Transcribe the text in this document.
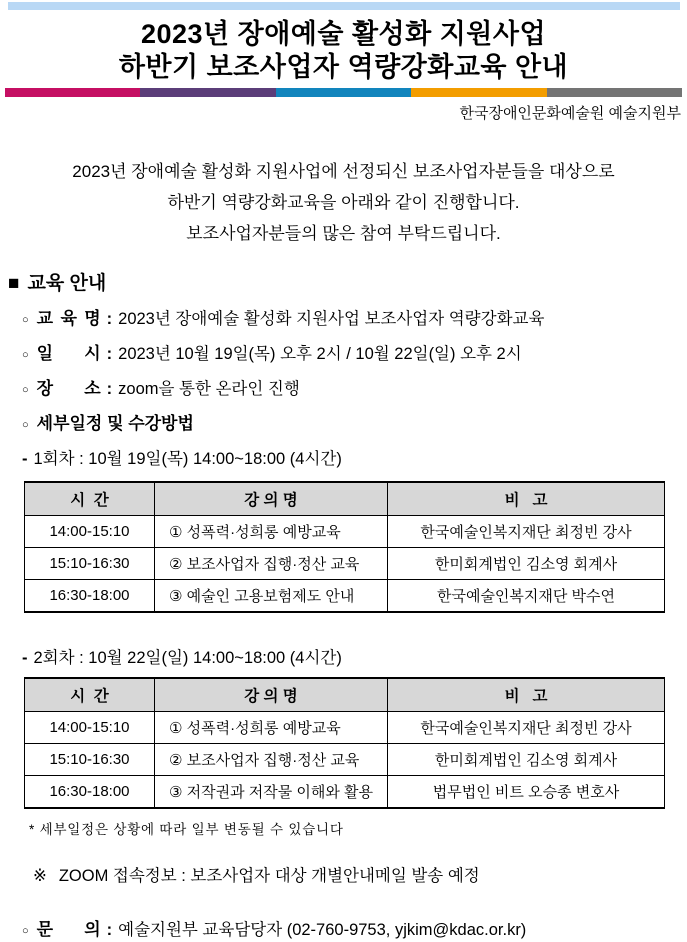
2023년 장애예술 활성화 지원사업
하반기 보조사업자 역량강화교육 안내
한국장애인문화예술원 예술지원부
2023년 장애예술 활성화 지원사업에 선정되신 보조사업자분들을 대상으로
하반기 역량강화교육을 아래와 같이 진행합니다.
보조사업자분들의 많은 참여 부탁드립니다.
■ 교육 안내
○ 교 육 명 : 2023년 장애예술 활성화 지원사업 보조사업자 역량강화교육
○ 일 시 : 2023년 10월 19일(목) 오후 2시 / 10월 22일(일) 오후 2시
○ 장 소 : zoom을 통한 온라인 진행
○ 세부일정 및 수강방법
- 1회차 : 10월 19일(목) 14:00~18:00 (4시간)
시  간	강 의 명	비   고
14:00-15:10	① 성폭력·성희롱 예방교육	한국예술인복지재단 최정빈 강사
15:10-16:30	② 보조사업자 집행·정산 교육	한미회계법인 김소영 회계사
16:30-18:00	③ 예술인 고용보험제도 안내	한국예술인복지재단 박수연
- 2회차 : 10월 22일(일) 14:00~18:00 (4시간)
시  간	강 의 명	비   고
14:00-15:10	① 성폭력·성희롱 예방교육	한국예술인복지재단 최정빈 강사
15:10-16:30	② 보조사업자 집행·정산 교육	한미회계법인 김소영 회계사
16:30-18:00	③ 저작권과 저작물 이해와 활용	법무법인 비트 오승종 변호사
* 세부일정은 상황에 따라 일부 변동될 수 있습니다
※ ZOOM 접속정보 : 보조사업자 대상 개별안내메일 발송 예정
○ 문 의 : 예술지원부 교육담당자 (02-760-9753, yjkim@kdac.or.kr)
